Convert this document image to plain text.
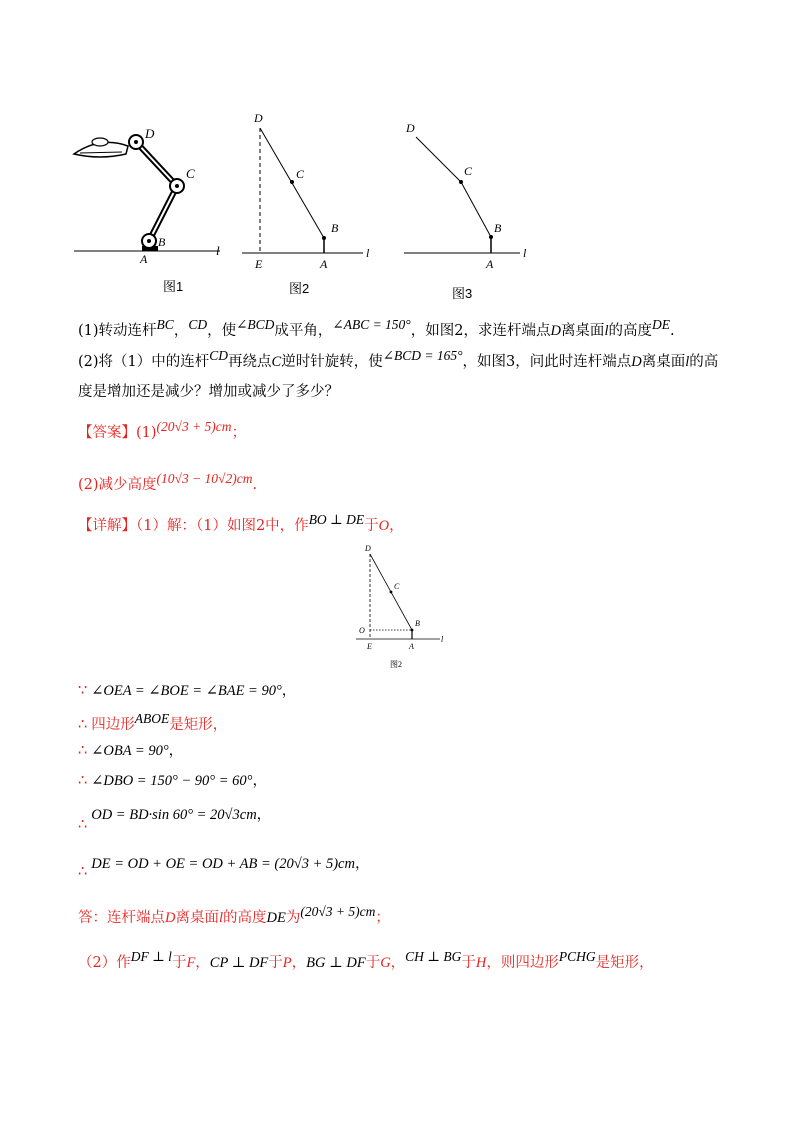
D
C
B
A
l
图1
D
C
B
E	A
l
图2
D
C
B
A
l
图3
(1)转动连杆BC，CD，使∠BCD成平角，∠ABC = 150°，如图2，求连杆端点D离桌面l的高度DE.
(2)将（1）中的连杆CD再绕点C逆时针旋转，使∠BCD = 165°，如图3，问此时连杆端点D离桌面l的高
度是增加还是减少？增加或减少了多少？
【答案】(1)(20√3 + 5)cm；
(2)减少高度(10√3 − 10√2)cm.
【详解】（1）解：（1）如图2中，作BO ⊥ DE于O，
D
C
B
O
E	A
l
图2
∵ ∠OEA = ∠BOE = ∠BAE = 90°，
∴ 四边形ABOE是矩形，
∴ ∠OBA = 90°，
∴ ∠DBO = 150° − 90° = 60°，
∴OD = BD·sin 60° = 20√3cm，
∴ DE = OD + OE = OD + AB = (20√3 + 5)cm，
答：连杆端点D离桌面l的高度DE为(20√3 + 5)cm；
（2）作DF ⊥ l于F，CP ⊥ DF于P，BG ⊥ DF于G，CH ⊥ BG于H，则四边形PCHG是矩形，
